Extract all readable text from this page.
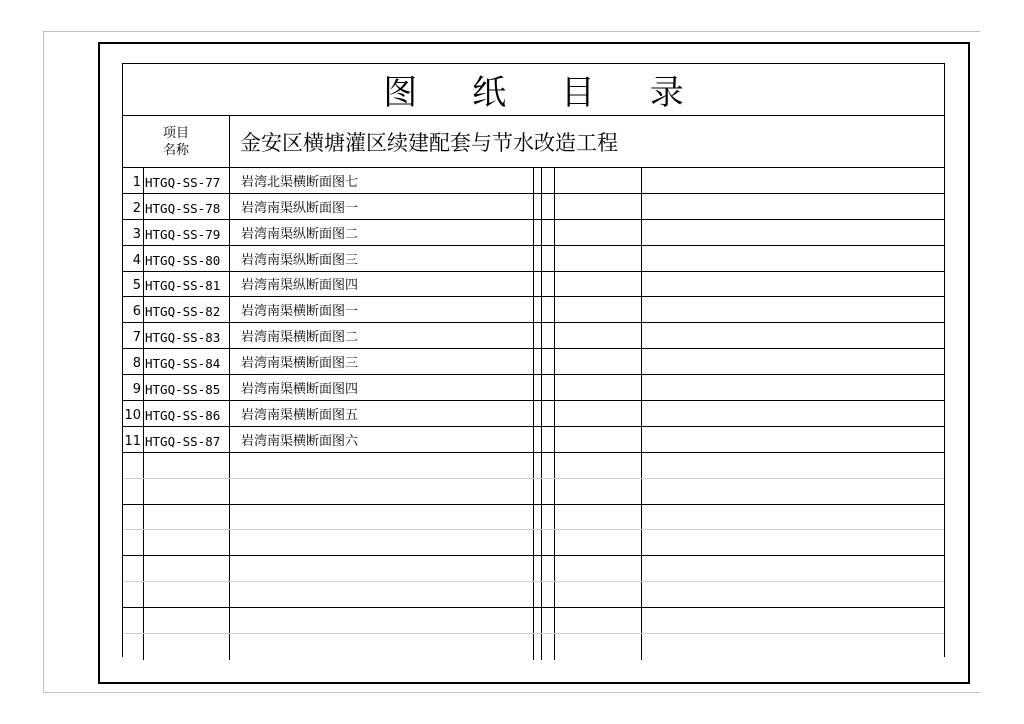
图 纸 目 录
项目
名称 金安区横塘灌区续建配套与节水改造工程
1 HTGQ-SS-77	岩湾北渠横断面图七
2 HTGQ-SS-78	岩湾南渠纵断面图一
3 HTGQ-SS-79	岩湾南渠纵断面图二
4 HTGQ-SS-80	岩湾南渠纵断面图三
5 HTGQ-SS-81	岩湾南渠纵断面图四
6 HTGQ-SS-82	岩湾南渠横断面图一
7 HTGQ-SS-83	岩湾南渠横断面图二
8 HTGQ-SS-84	岩湾南渠横断面图三
9 HTGQ-SS-85	岩湾南渠横断面图四
10 HTGQ-SS-86	岩湾南渠横断面图五
11 HTGQ-SS-87	岩湾南渠横断面图六
